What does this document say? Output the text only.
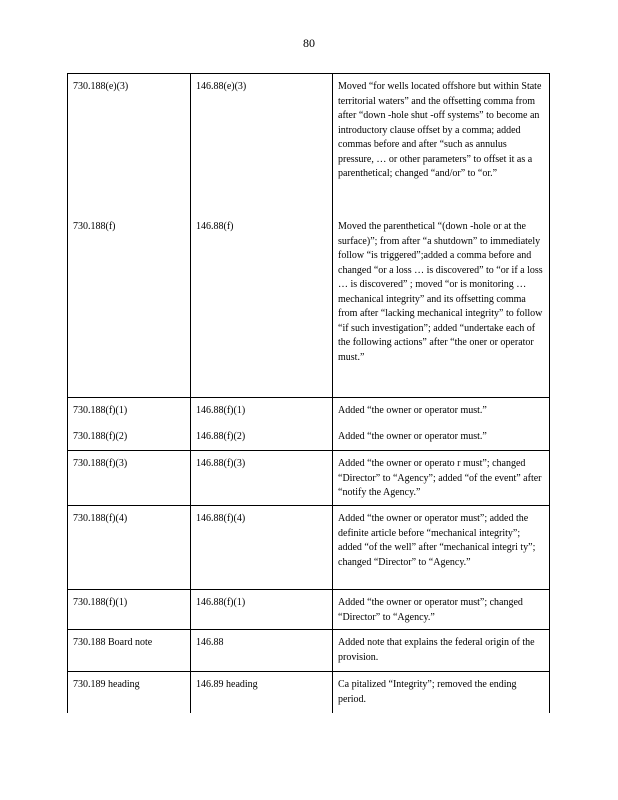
80
730.188(e)(3)	146.88(e)(3)	Moved “for wells located offshore but within State territorial waters” and the offsetting comma from after “down -hole shut -off systems” to become an introductory clause offset by a comma; added commas before and after “such as annulus pressure, … or other parameters” to offset it as a parenthetical; changed “and/or” to “or.”
730.188(f)	146.88(f)	Moved the parenthetical “(down -hole or at the surface)”; from after “a shutdown” to immediately follow “is triggered”;added a comma before and changed “or a loss … is discovered” to “or if a loss … is discovered” ; moved “or is monitoring … mechanical integrity” and its offsetting comma from after “lacking mechanical integrity” to follow “if such investigation”; added “undertake each of the following actions” after “the oner or operator must.”
730.188(f)(1)	146.88(f)(1)	Added “the owner or operator must.”
730.188(f)(2)	146.88(f)(2)	Added “the owner or operator must.”
730.188(f)(3)	146.88(f)(3)	Added “the owner or operato r must”; changed “Director” to “Agency”; added “of the event” after “notify the Agency.”
730.188(f)(4)	146.88(f)(4)	Added “the owner or operator must”; added the definite article before “mechanical integrity”; added “of the well” after “mechanical integri ty”; changed “Director” to “Agency.”
730.188(f)(1)	146.88(f)(1)	Added “the owner or operator must”; changed “Director” to “Agency.”
730.188 Board note	146.88	Added note that explains the federal origin of the provision.
730.189 heading	146.89 heading	Ca pitalized “Integrity”; removed the ending period.
